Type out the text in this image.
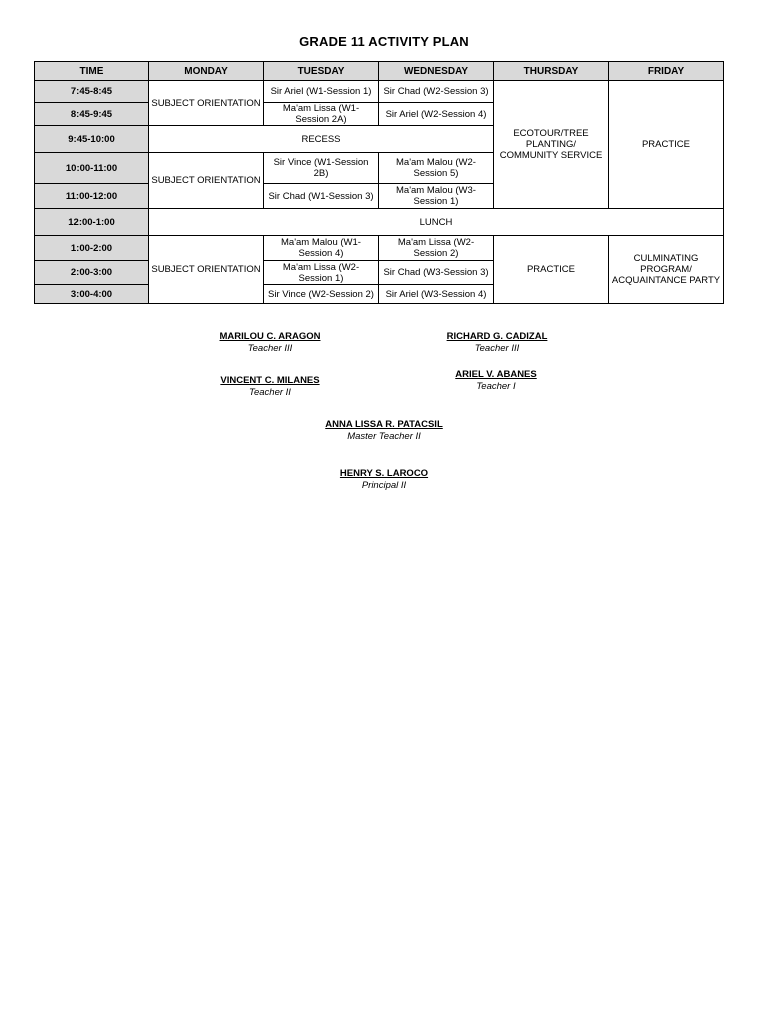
GRADE 11 ACTIVITY PLAN
TIME	MONDAY	TUESDAY	WEDNESDAY	THURSDAY	FRIDAY
7:45-8:45	SUBJECT ORIENTATION	Sir Ariel (W1-Session 1)	Sir Chad (W2-Session 3)	ECOTOUR/TREE PLANTING/ COMMUNITY SERVICE	PRACTICE
8:45-9:45		Ma'am Lissa (W1-Session 2A)	Sir Ariel (W2-Session 4)		
9:45-10:00	RECESS				
10:00-11:00	SUBJECT ORIENTATION	Sir Vince (W1-Session 2B)	Ma'am Malou (W2-Session 5)		
11:00-12:00		Sir Chad (W1-Session 3)	Ma'am Malou (W3-Session 1)		
12:00-1:00	LUNCH				
1:00-2:00	SUBJECT ORIENTATION	Ma'am Malou (W1-Session 4)	Ma'am Lissa (W2-Session 2)	PRACTICE	CULMINATING PROGRAM/ ACQUAINTANCE PARTY
2:00-3:00		Ma'am Lissa (W2-Session 1)	Sir Chad (W3-Session 3)		
3:00-4:00		Sir Vince (W2-Session 2)	Sir Ariel (W3-Session 4)		
MARILOU C. ARAGON
Teacher III
RICHARD G. CADIZAL
Teacher III
VINCENT C. MILANES
Teacher II
ARIEL V. ABANES
Teacher I
ANNA LISSA R. PATACSIL
Master Teacher II
HENRY S. LAROCO
Principal II
